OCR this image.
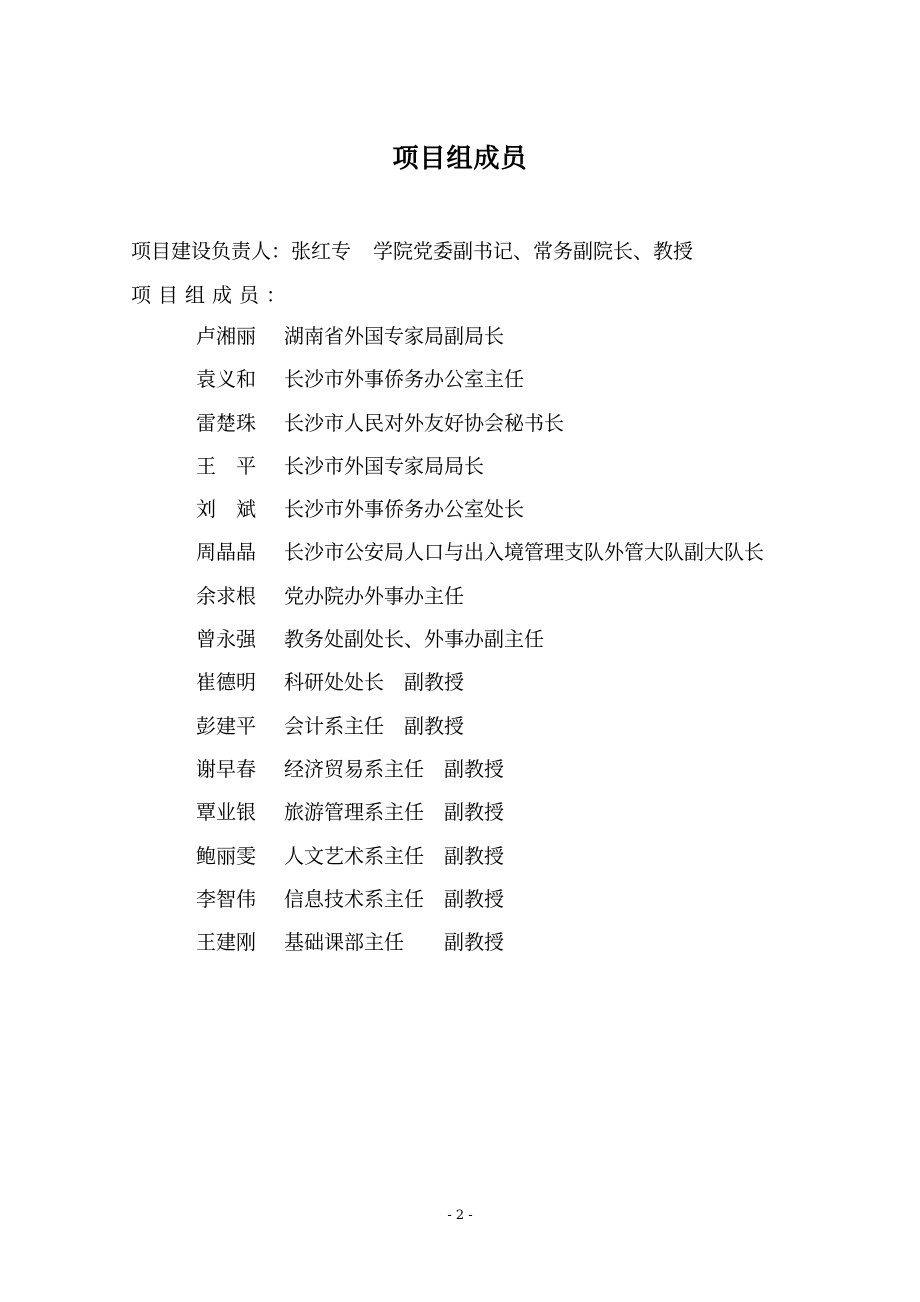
项目组成员
项目建设负责人：张红专 学院党委副书记、常务副院长、教授
项目组成员：
卢湘丽 湖南省外国专家局副局长
袁义和 长沙市外事侨务办公室主任
雷楚珠 长沙市人民对外友好协会秘书长
王　平 长沙市外国专家局局长
刘　斌 长沙市外事侨务办公室处长
周晶晶 长沙市公安局人口与出入境管理支队外管大队副大队长
余求根 党办院办外事办主任
曾永强 教务处副处长、外事办副主任
崔德明 科研处处长　副教授
彭建平 会计系主任　副教授
谢早春 经济贸易系主任　副教授
覃业银 旅游管理系主任　副教授
鲍丽雯 人文艺术系主任　副教授
李智伟 信息技术系主任　副教授
王建刚 基础课部主任　　副教授
- 2 -
